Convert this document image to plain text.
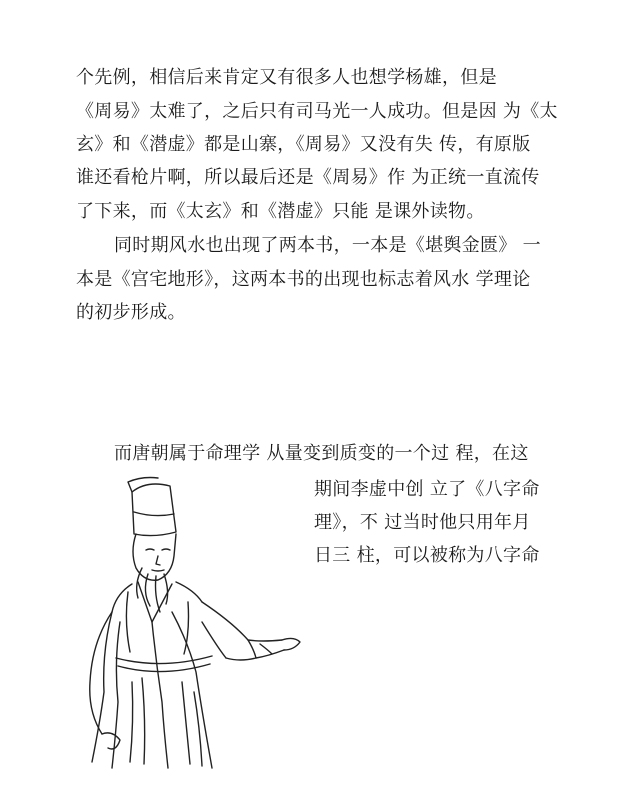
个先例，相信后来肯定又有很多人也想学杨雄，但是
《周易》太难了，之后只有司马光一人成功。但是因 为《太
玄》和《潜虚》都是山寨，《周易》又没有失 传，有原版
谁还看枪片啊，所以最后还是《周易》作 为正统一直流传
了下来，而《太玄》和《潜虚》只能 是课外读物。
同时期风水也出现了两本书，一本是《堪舆金匮》 一
本是《宫宅地形》，这两本书的出现也标志着风水 学理论
的初步形成。
而唐朝属于命理学 从量变到质变的一个过 程，在这
期间李虚中创 立了《八字命
理》，不 过当时他只用年月
日三 柱，可以被称为八字命
